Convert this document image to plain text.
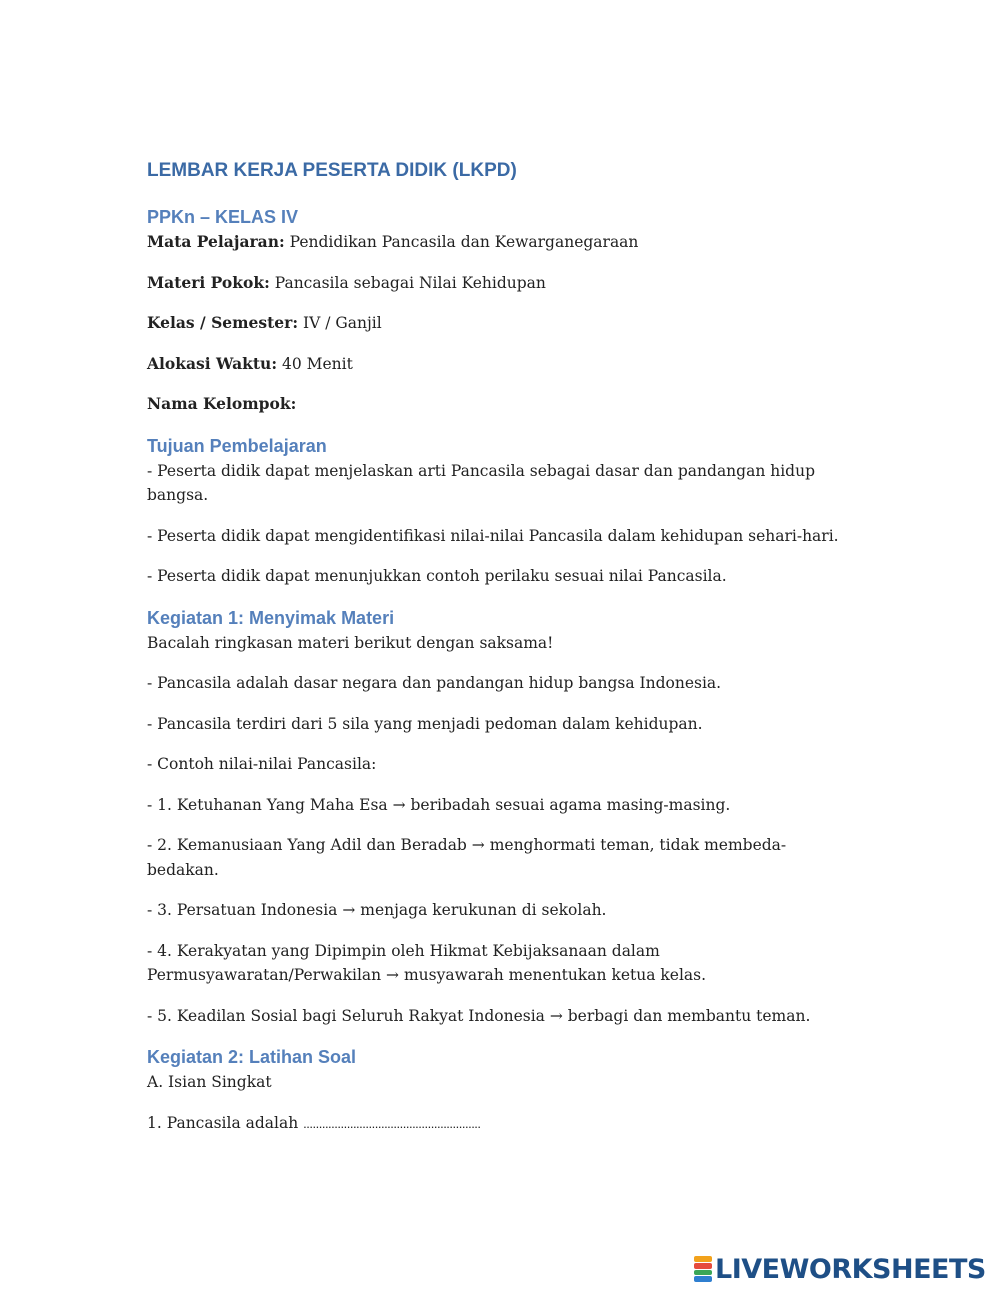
LEMBAR KERJA PESERTA DIDIK (LKPD)
PPKn – KELAS IV

Mata Pelajaran: Pendidikan Pancasila dan Kewarganegaraan

Materi Pokok: Pancasila sebagai Nilai Kehidupan

Kelas / Semester: IV / Ganjil

Alokasi Waktu: 40 Menit

Nama Kelompok:

Tujuan Pembelajaran

- Peserta didik dapat menjelaskan arti Pancasila sebagai dasar dan pandangan hidup bangsa.

- Peserta didik dapat mengidentifikasi nilai-nilai Pancasila dalam kehidupan sehari-hari.

- Peserta didik dapat menunjukkan contoh perilaku sesuai nilai Pancasila.

Kegiatan 1: Menyimak Materi

Bacalah ringkasan materi berikut dengan saksama!

- Pancasila adalah dasar negara dan pandangan hidup bangsa Indonesia.

- Pancasila terdiri dari 5 sila yang menjadi pedoman dalam kehidupan.

- Contoh nilai-nilai Pancasila:

- 1. Ketuhanan Yang Maha Esa → beribadah sesuai agama masing-masing.

- 2. Kemanusiaan Yang Adil dan Beradab → menghormati teman, tidak membeda-bedakan.

- 3. Persatuan Indonesia → menjaga kerukunan di sekolah.

- 4. Kerakyatan yang Dipimpin oleh Hikmat Kebijaksanaan dalam Permusyawaratan/Perwakilan → musyawarah menentukan ketua kelas.

- 5. Keadilan Sosial bagi Seluruh Rakyat Indonesia → berbagi dan membantu teman.

Kegiatan 2: Latihan Soal

A. Isian Singkat

1. Pancasila adalah .........................................................

LIVEWORKSHEETS
